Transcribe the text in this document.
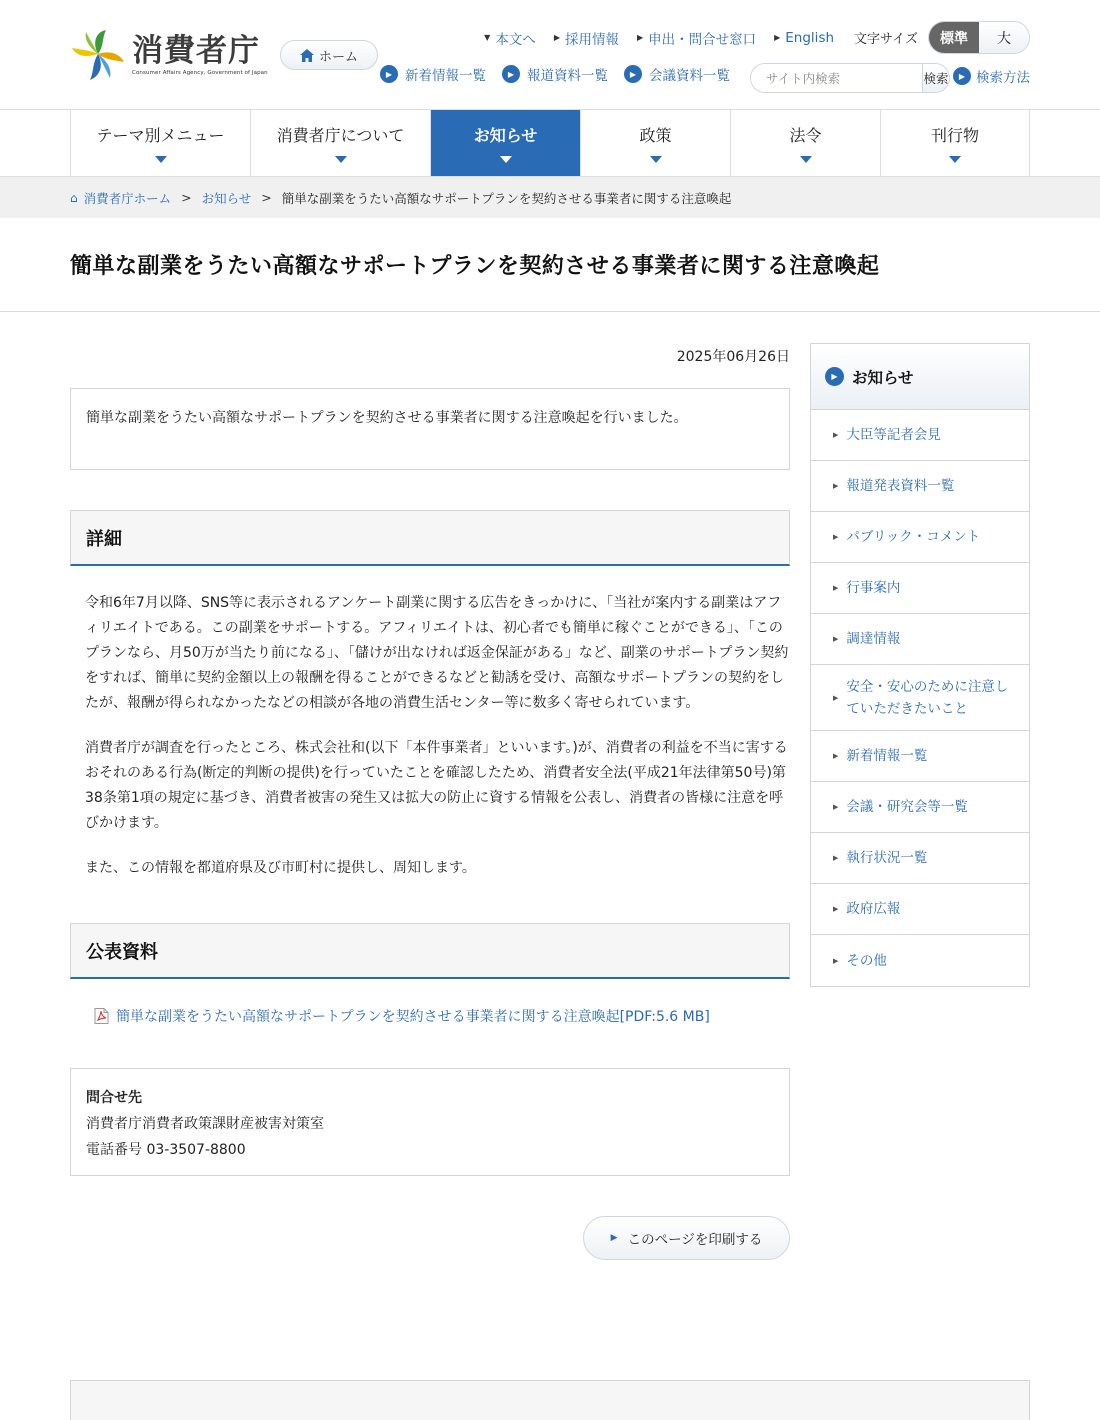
消費者庁
Consumer Affairs Agency, Government of Japan
ホーム
▼ 本文へ ▶ 採用情報 ▶ 申出・問合せ窓口 ▶ English 文字サイズ	標準	大
▶ 新着情報一覧	▶ 報道資料一覧	▶ 会議資料一覧
サイト内検索	検索	▶ 検索方法
テーマ別メニュー	消費者庁について	お知らせ	政策	法令	刊行物
⌂ 消費者庁ホーム > お知らせ > 簡単な副業をうたい高額なサポートプランを契約させる事業者に関する注意喚起
簡単な副業をうたい高額なサポートプランを契約させる事業者に関する注意喚起
2025年06月26日
簡単な副業をうたい高額なサポートプランを契約させる事業者に関する注意喚起を行いました。
詳細

令和6年7月以降、SNS等に表示されるアンケート副業に関する広告をきっかけに、「当社が案内する副業はアフィリエイトである。この副業をサポートする。アフィリエイトは、初心者でも簡単に稼ぐことができる」、「このプランなら、月50万が当たり前になる」、「儲けが出なければ返金保証がある」など、副業のサポートプラン契約をすれば、簡単に契約金額以上の報酬を得ることができるなどと勧誘を受け、高額なサポートプランの契約をしたが、報酬が得られなかったなどの相談が各地の消費生活センター等に数多く寄せられています。

消費者庁が調査を行ったところ、株式会社和(以下「本件事業者」といいます。)が、消費者の利益を不当に害するおそれのある行為(断定的判断の提供)を行っていたことを確認したため、消費者安全法(平成21年法律第50号)第38条第1項の規定に基づき、消費者被害の発生又は拡大の防止に資する情報を公表し、消費者の皆様に注意を呼びかけます。

また、この情報を都道府県及び市町村に提供し、周知します。

公表資料
簡単な副業をうたい高額なサポートプランを契約させる事業者に関する注意喚起[PDF:5.6 MB]
問合せ先
消費者庁消費者政策課財産被害対策室
電話番号 03-3507-8800
▶ このページを印刷する
▶ お知らせ
▶ 大臣等記者会見
▶ 報道発表資料一覧
▶ パブリック・コメント
▶ 行事案内
▶ 調達情報
▶
安全・安心のために注意していただきたいこと
▶ 新着情報一覧
▶ 会議・研究会等一覧
▶ 執行状況一覧
▶ 政府広報
▶ その他
